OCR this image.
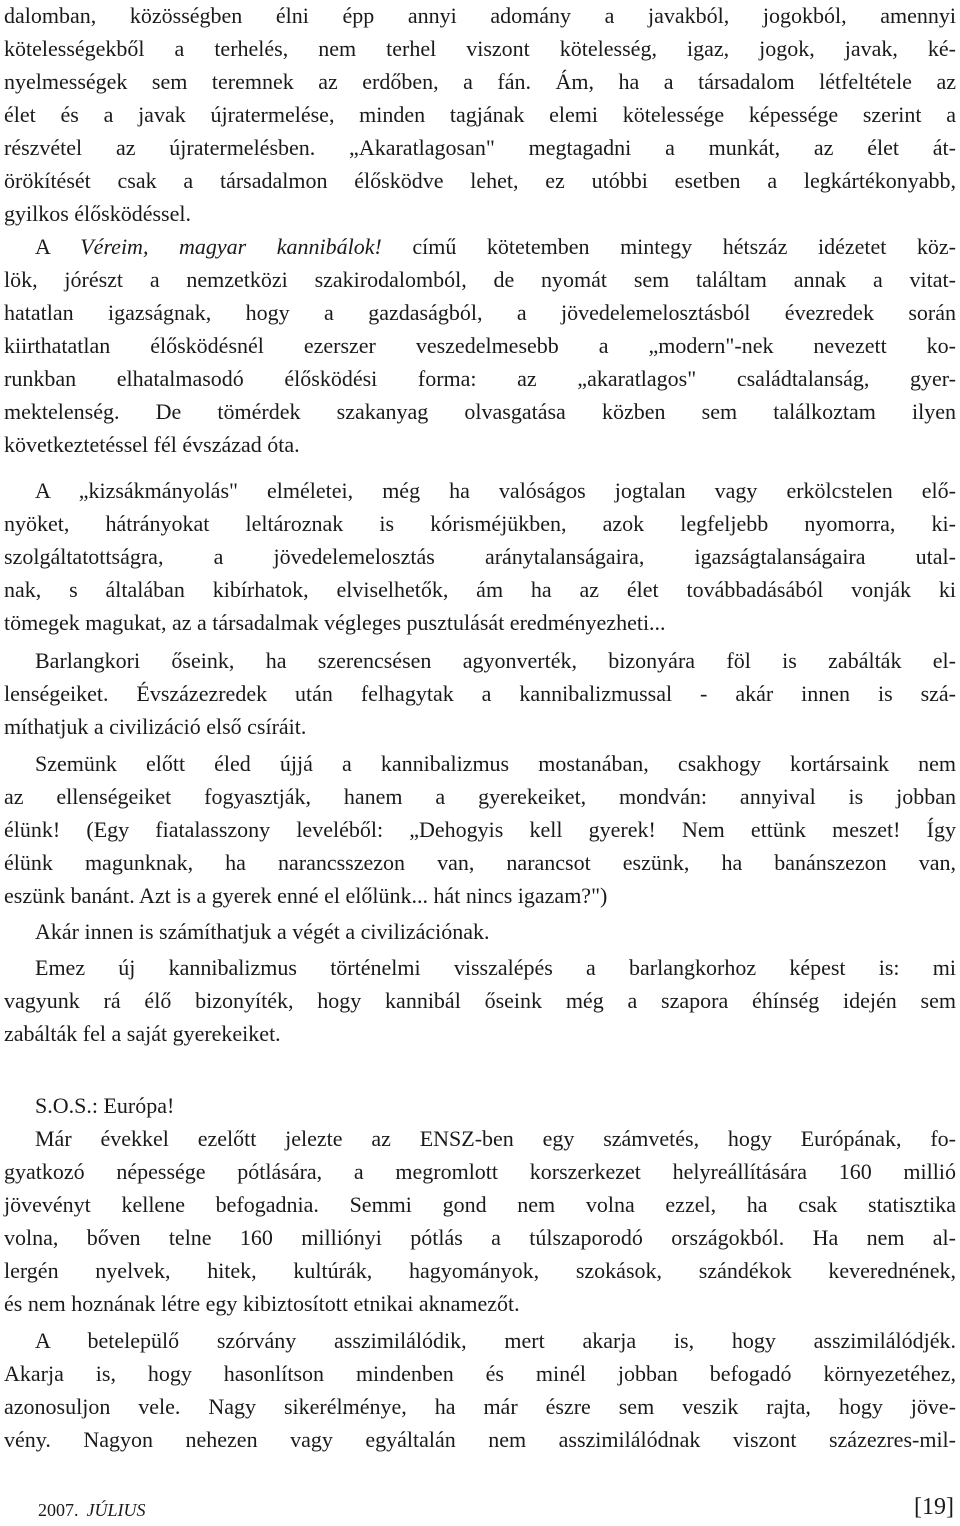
dalomban, közösségben élni épp annyi adomány a javakból, jogokból, amennyi
kötelességekből a terhelés, nem terhel viszont kötelesség, igaz, jogok, javak, ké-
nyelmességek sem teremnek az erdőben, a fán. Ám, ha a társadalom létfeltétele az
élet és a javak újratermelése, minden tagjának elemi kötelessége képessége szerint a
részvétel az újratermelésben. „Akaratlagosan" megtagadni a munkát, az élet át-
örökítését csak a társadalmon élősködve lehet, ez utóbbi esetben a legkártékonyabb,
gyilkos élősködéssel.
A Véreim, magyar kannibálok! című kötetemben mintegy hétszáz idézetet köz-
lök, jórészt a nemzetközi szakirodalomból, de nyomát sem találtam annak a vitat-
hatatlan igazságnak, hogy a gazdaságból, a jövedelemelosztásból évezredek során
kiirthatatlan élősködésnél ezerszer veszedelmesebb a „modern"-nek nevezett ko-
runkban elhatalmasodó élősködési forma: az „akaratlagos" családtalanság, gyer-
mektelenség. De tömérdek szakanyag olvasgatása közben sem találkoztam ilyen
következtetéssel fél évszázad óta.
A „kizsákmányolás" elméletei, még ha valóságos jogtalan vagy erkölcstelen elő-
nyöket, hátrányokat leltároznak is kórisméjükben, azok legfeljebb nyomorra, ki-
szolgáltatottságra, a jövedelemelosztás aránytalanságaira, igazságtalanságaira utal-
nak, s általában kibírhatok, elviselhetők, ám ha az élet továbbadásából vonják ki
tömegek magukat, az a társadalmak végleges pusztulását eredményezheti...
Barlangkori őseink, ha szerencsésen agyonverték, bizonyára föl is zabálták el-
lenségeiket. Évszázezredek után felhagytak a kannibalizmussal - akár innen is szá-
míthatjuk a civilizáció első csíráit.
Szemünk előtt éled újjá a kannibalizmus mostanában, csakhogy kortársaink nem
az ellenségeiket fogyasztják, hanem a gyerekeiket, mondván: annyival is jobban
élünk! (Egy fiatalasszony leveléből: „Dehogyis kell gyerek! Nem ettünk meszet! Így
élünk magunknak, ha narancsszezon van, narancsot eszünk, ha banánszezon van,
eszünk banánt. Azt is a gyerek enné el előlünk... hát nincs igazam?")
Akár innen is számíthatjuk a végét a civilizációnak.
Emez új kannibalizmus történelmi visszalépés a barlangkorhoz képest is: mi
vagyunk rá élő bizonyíték, hogy kannibál őseink még a szapora éhínség idején sem
zabálták fel a saját gyerekeiket.
S.O.S.: Európa!
Már évekkel ezelőtt jelezte az ENSZ-ben egy számvetés, hogy Európának, fo-
gyatkozó népessége pótlására, a megromlott korszerkezet helyreállítására 160 millió
jövevényt kellene befogadnia. Semmi gond nem volna ezzel, ha csak statisztika
volna, bőven telne 160 milliónyi pótlás a túlszaporodó országokból. Ha nem al-
lergén nyelvek, hitek, kultúrák, hagyományok, szokások, szándékok keverednének,
és nem hoznának létre egy kibiztosított etnikai aknamezőt.
A betelepülő szórvány asszimilálódik, mert akarja is, hogy asszimilálódjék.
Akarja is, hogy hasonlítson mindenben és minél jobban befogadó környezetéhez,
azonosuljon vele. Nagy sikerélménye, ha már észre sem veszik rajta, hogy jöve-
vény. Nagyon nehezen vagy egyáltalán nem asszimilálódnak viszont százezres-mil-
2007. JÚLIUS	[19]
